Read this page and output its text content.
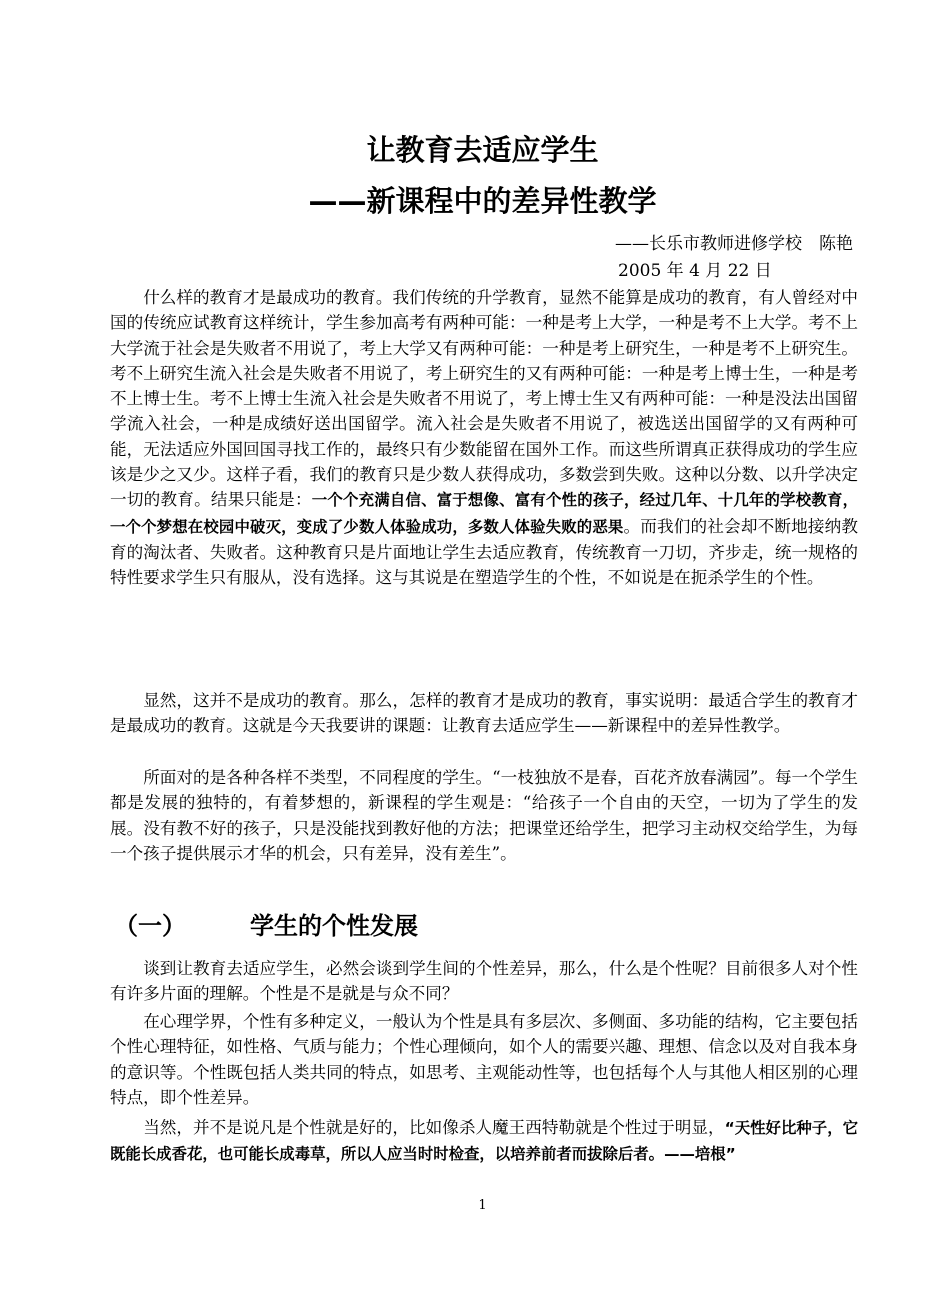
让教育去适应学生
——新课程中的差异性教学
——长乐市教师进修学校　陈艳
2005 年 4 月 22 日

什么样的教育才是最成功的教育。我们传统的升学教育，显然不能算是成功的教育，有人曾经对中国的传统应试教育这样统计，学生参加高考有两种可能：一种是考上大学，一种是考不上大学。考不上大学流于社会是失败者不用说了，考上大学又有两种可能：一种是考上研究生，一种是考不上研究生。考不上研究生流入社会是失败者不用说了，考上研究生的又有两种可能：一种是考上博士生，一种是考不上博士生。考不上博士生流入社会是失败者不用说了，考上博士生又有两种可能：一种是没法出国留学流入社会，一种是成绩好送出国留学。流入社会是失败者不用说了，被选送出国留学的又有两种可能，无法适应外国回国寻找工作的，最终只有少数能留在国外工作。而这些所谓真正获得成功的学生应该是少之又少。这样子看，我们的教育只是少数人获得成功，多数尝到失败。这种以分数、以升学决定一切的教育。结果只能是：一个个充满自信、富于想像、富有个性的孩子，经过几年、十几年的学校教育，一个个梦想在校园中破灭，变成了少数人体验成功，多数人体验失败的恶果。而我们的社会却不断地接纳教育的淘汰者、失败者。这种教育只是片面地让学生去适应教育，传统教育一刀切，齐步走，统一规格的特性要求学生只有服从，没有选择。这与其说是在塑造学生的个性，不如说是在扼杀学生的个性。

显然，这并不是成功的教育。那么，怎样的教育才是成功的教育，事实说明：最适合学生的教育才是最成功的教育。这就是今天我要讲的课题：让教育去适应学生——新课程中的差异性教学。

所面对的是各种各样不类型，不同程度的学生。“一枝独放不是春，百花齐放春满园”。每一个学生都是发展的独特的，有着梦想的，新课程的学生观是：“给孩子一个自由的天空，一切为了学生的发展。没有教不好的孩子，只是没能找到教好他的方法；把课堂还给学生，把学习主动权交给学生，为每一个孩子提供展示才华的机会，只有差异，没有差生”。

（一）	学生的个性发展

谈到让教育去适应学生，必然会谈到学生间的个性差异，那么，什么是个性呢？目前很多人对个性有许多片面的理解。个性是不是就是与众不同？

在心理学界，个性有多种定义，一般认为个性是具有多层次、多侧面、多功能的结构，它主要包括个性心理特征，如性格、气质与能力；个性心理倾向，如个人的需要兴趣、理想、信念以及对自我本身的意识等。个性既包括人类共同的特点，如思考、主观能动性等，也包括每个人与其他人相区别的心理特点，即个性差异。

当然，并不是说凡是个性就是好的，比如像杀人魔王西特勒就是个性过于明显，“天性好比种子，它既能长成香花，也可能长成毒草，所以人应当时时检查，以培养前者而拔除后者。——培根”

1
